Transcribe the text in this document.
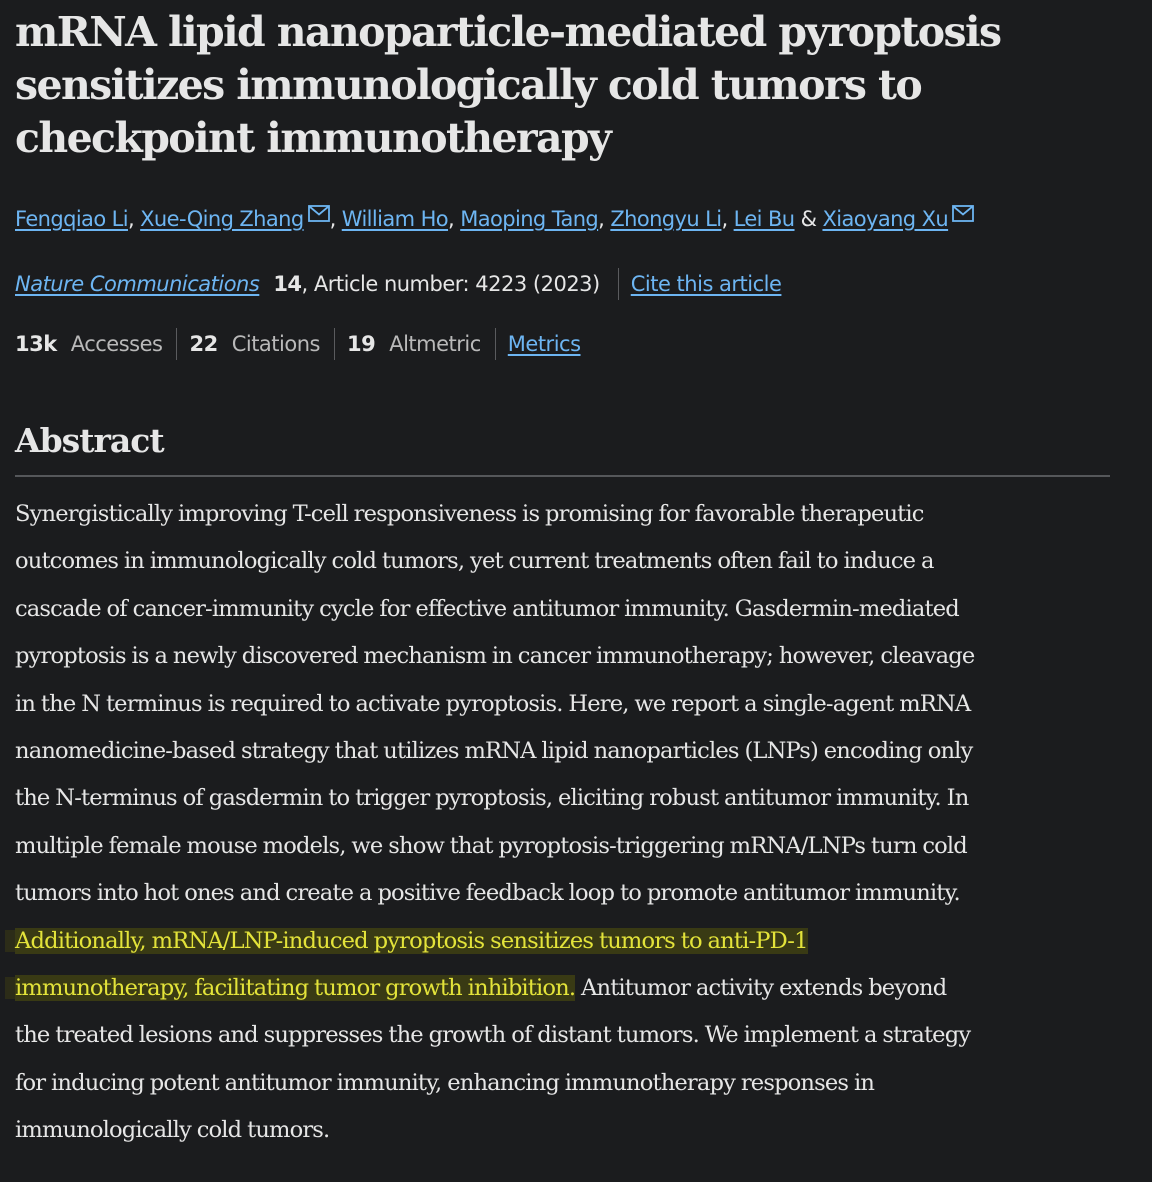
mRNA lipid nanoparticle-mediated pyroptosis
sensitizes immunologically cold tumors to
checkpoint immunotherapy
Fengqiao Li, Xue-Qing Zhang , William Ho, Maoping Tang, Zhongyu Li, Lei Bu & Xiaoyang Xu
Nature Communications 14 , Article number: 4223 (2023) Cite this article
13k Accesses 22 Citations 19 Altmetric Metrics
Abstract
Synergistically improving T-cell responsiveness is promising for favorable therapeutic
outcomes in immunologically cold tumors, yet current treatments often fail to induce a
cascade of cancer-immunity cycle for effective antitumor immunity. Gasdermin-mediated
pyroptosis is a newly discovered mechanism in cancer immunotherapy; however, cleavage
in the N terminus is required to activate pyroptosis. Here, we report a single-agent mRNA
nanomedicine-based strategy that utilizes mRNA lipid nanoparticles (LNPs) encoding only
the N-terminus of gasdermin to trigger pyroptosis, eliciting robust antitumor immunity. In
multiple female mouse models, we show that pyroptosis-triggering mRNA/LNPs turn cold
tumors into hot ones and create a positive feedback loop to promote antitumor immunity.
Additionally, mRNA/LNP-induced pyroptosis sensitizes tumors to anti-PD-1
immunotherapy, facilitating tumor growth inhibition. Antitumor activity extends beyond
the treated lesions and suppresses the growth of distant tumors. We implement a strategy
for inducing potent antitumor immunity, enhancing immunotherapy responses in
immunologically cold tumors.
